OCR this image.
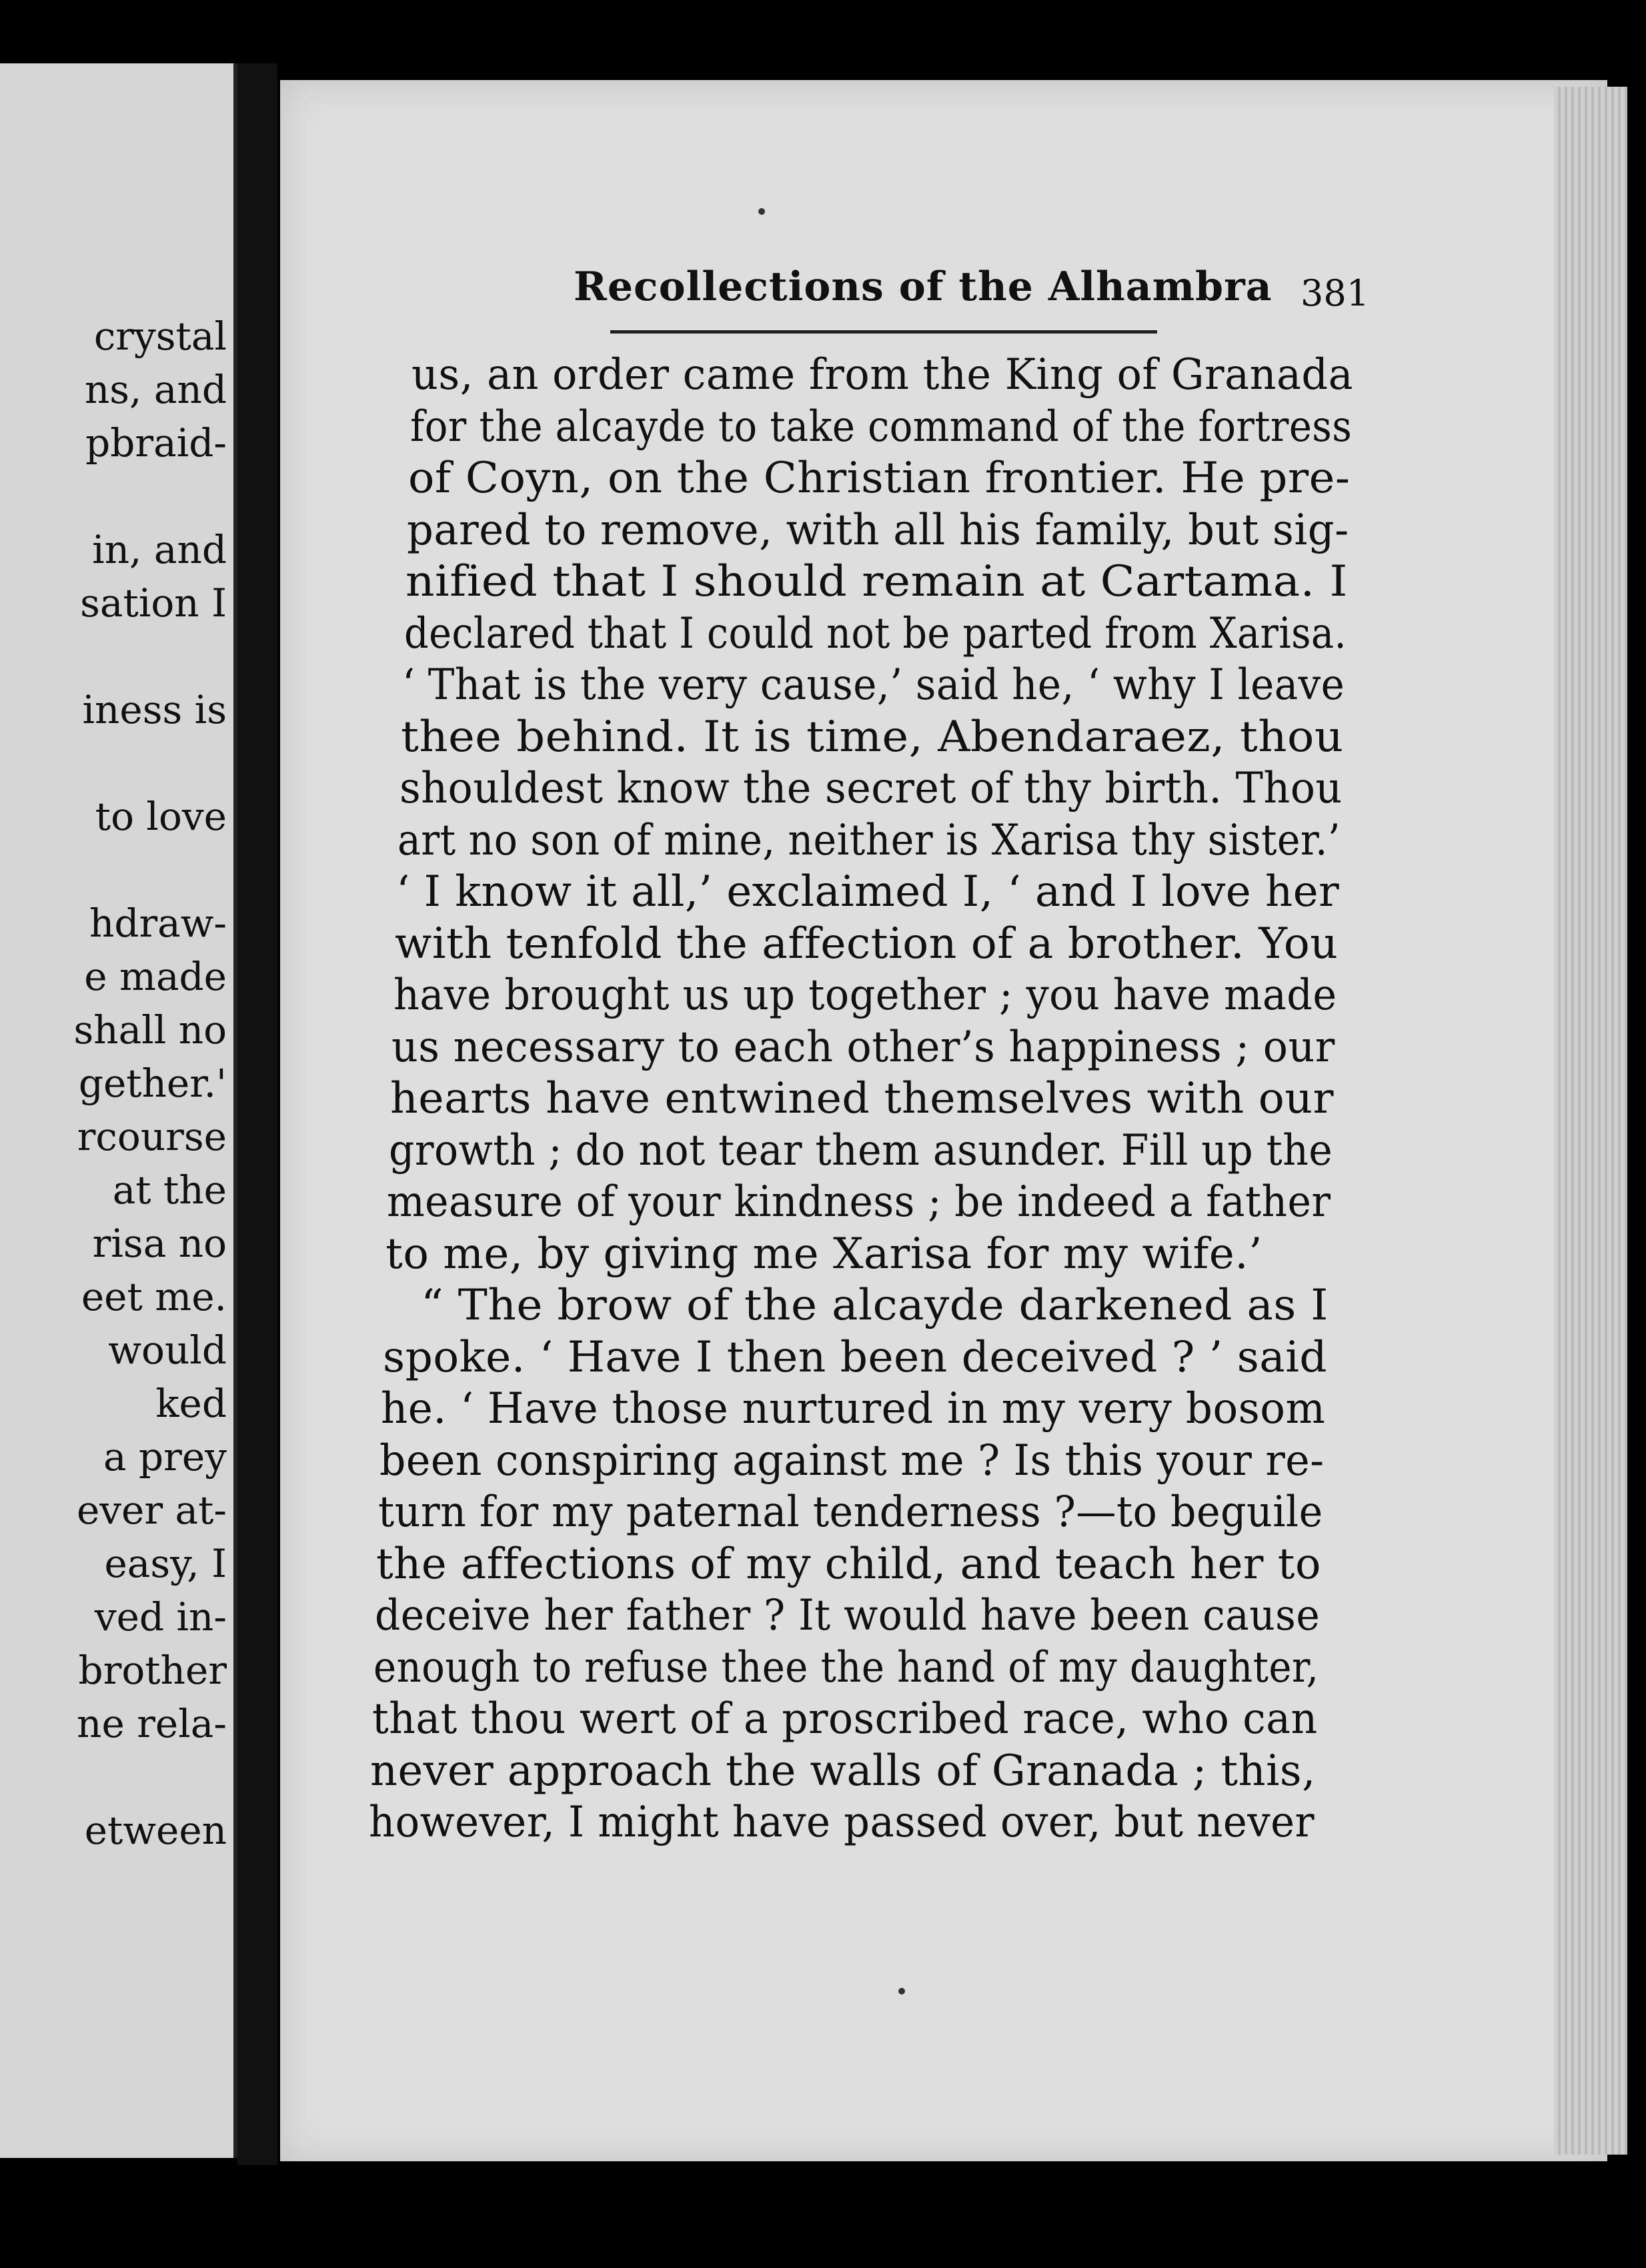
crystal
ns, and
pbraid-
in, and
sation I
iness is
to love
hdraw-
e made
shall no
gether.'
rcourse
at the
risa no
eet me.
would
ked
a prey
ever at-
easy, I
ved in-
brother
ne rela-
etween
Recollections of the Alhambra 381
us, an order came from the King of Granada
for the alcayde to take command of the fortress
of Coyn, on the Christian frontier. He pre-
pared to remove, with all his family, but sig-
nified that I should remain at Cartama. I
declared that I could not be parted from Xarisa.
‘ That is the very cause,’ said he, ‘ why I leave
thee behind. It is time, Abendaraez, thou
shouldest know the secret of thy birth. Thou
art no son of mine, neither is Xarisa thy sister.’
‘ I know it all,’ exclaimed I, ‘ and I love her
with tenfold the affection of a brother. You
have brought us up together ; you have made
us necessary to each other’s happiness ; our
hearts have entwined themselves with our
growth ; do not tear them asunder. Fill up the
measure of your kindness ; be indeed a father
to me, by giving me Xarisa for my wife.’
“ The brow of the alcayde darkened as I
spoke. ‘ Have I then been deceived ? ’ said
he. ‘ Have those nurtured in my very bosom
been conspiring against me ? Is this your re-
turn for my paternal tenderness ?—to beguile
the affections of my child, and teach her to
deceive her father ? It would have been cause
enough to refuse thee the hand of my daughter,
that thou wert of a proscribed race, who can
never approach the walls of Granada ; this,
however, I might have passed over, but never
